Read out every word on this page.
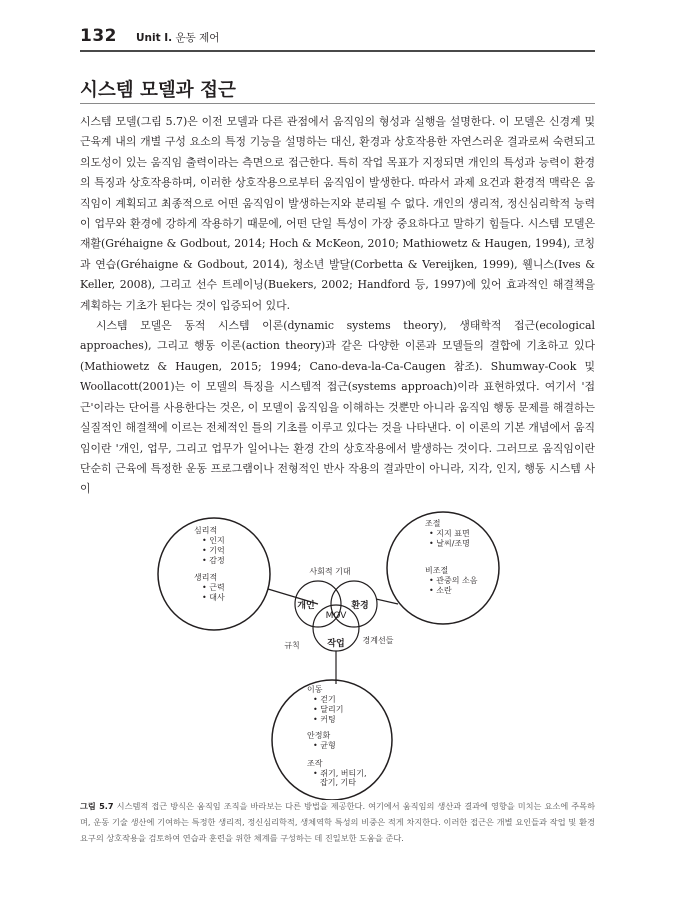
132 Unit I. 운동 제어
시스템 모델과 접근

시스템 모델(그림 5.7)은 이전 모델과 다른 관점에서 움직임의 형성과 실행을 설명한다. 이 모델은 신경계 및 근육계 내의 개별 구성 요소의 특정 기능을 설명하는 대신, 환경과 상호작용한 자연스러운 결과로써 숙련되고 의도성이 있는 움직임 출력이라는 측면으로 접근한다. 특히 작업 목표가 지정되면 개인의 특성과 능력이 환경의 특징과 상호작용하며, 이러한 상호작용으로부터 움직임이 발생한다. 따라서 과제 요건과 환경적 맥락은 움직임이 계획되고 최종적으로 어떤 움직임이 발생하는지와 분리될 수 없다. 개인의 생리적, 정신심리학적 능력이 업무와 환경에 강하게 작용하기 때문에, 어떤 단일 특성이 가장 중요하다고 말하기 힘들다. 시스템 모델은 재활(Gréhaigne & Godbout, 2014; Hoch & McKeon, 2010; Mathiowetz & Haugen, 1994), 코칭과 연습(Gréhaigne & Godbout, 2014), 청소년 발달(Corbetta & Vereijken, 1999), 웰니스(Ives & Keller, 2008), 그리고 선수 트레이닝(Buekers, 2002; Handford 등, 1997)에 있어 효과적인 해결책을 계획하는 기초가 된다는 것이 입증되어 있다.

시스템 모델은 동적 시스템 이론(dynamic systems theory), 생태학적 접근(ecological approaches), 그리고 행동 이론(action theory)과 같은 다양한 이론과 모델들의 결합에 기초하고 있다(Mathiowetz & Haugen, 2015; 1994; Cano-deva-la-Ca-Caugen 참조). Shumway-Cook 및 Woollacott(2001)는 이 모델의 특징을 시스템적 접근(systems approach)이라 표현하였다. 여기서 '접근'이라는 단어를 사용한다는 것은, 이 모델이 움직임을 이해하는 것뿐만 아니라 움직임 행동 문제를 해결하는 실질적인 해결책에 이르는 전체적인 틀의 기초를 이루고 있다는 것을 나타낸다. 이 이론의 기본 개념에서 움직임이란 '개인, 업무, 그리고 업무가 일어나는 환경 간의 상호작용에서 발생하는 것이다. 그러므로 움직임이란 단순히 근육에 특정한 운동 프로그램이나 전형적인 반사 작용의 결과만이 아니라, 지각, 인지, 행동 시스템 사이

개인	환경
작업
MOV
사회적 기대
규칙
경계선들
심리적
• 인지
• 기억
• 감정
생리적
• 근력
• 대사
조절
• 지지 표면
• 날씨/조명
비조절
• 관중의 소음
• 소란
이동
• 걷기
• 달리기
• 커팅
안정화
• 균형
조작
• 쥐기, 버티기,
잡기, 기타

그림 5.7 시스템적 접근 방식은 움직임 조직을 바라보는 다른 방법을 제공한다. 여기에서 움직임의 생산과 결과에 영향을 미치는 요소에 주목하며, 운동 기술 생산에 기여하는 특정한 생리적, 정신심리학적, 생체역학 특성의 비중은 적게 차지한다. 이러한 접근은 개별 요인들과 작업 및 환경 요구의 상호작용을 검토하여 연습과 훈련을 위한 체계를 구성하는 데 진일보한 도움을 준다.
